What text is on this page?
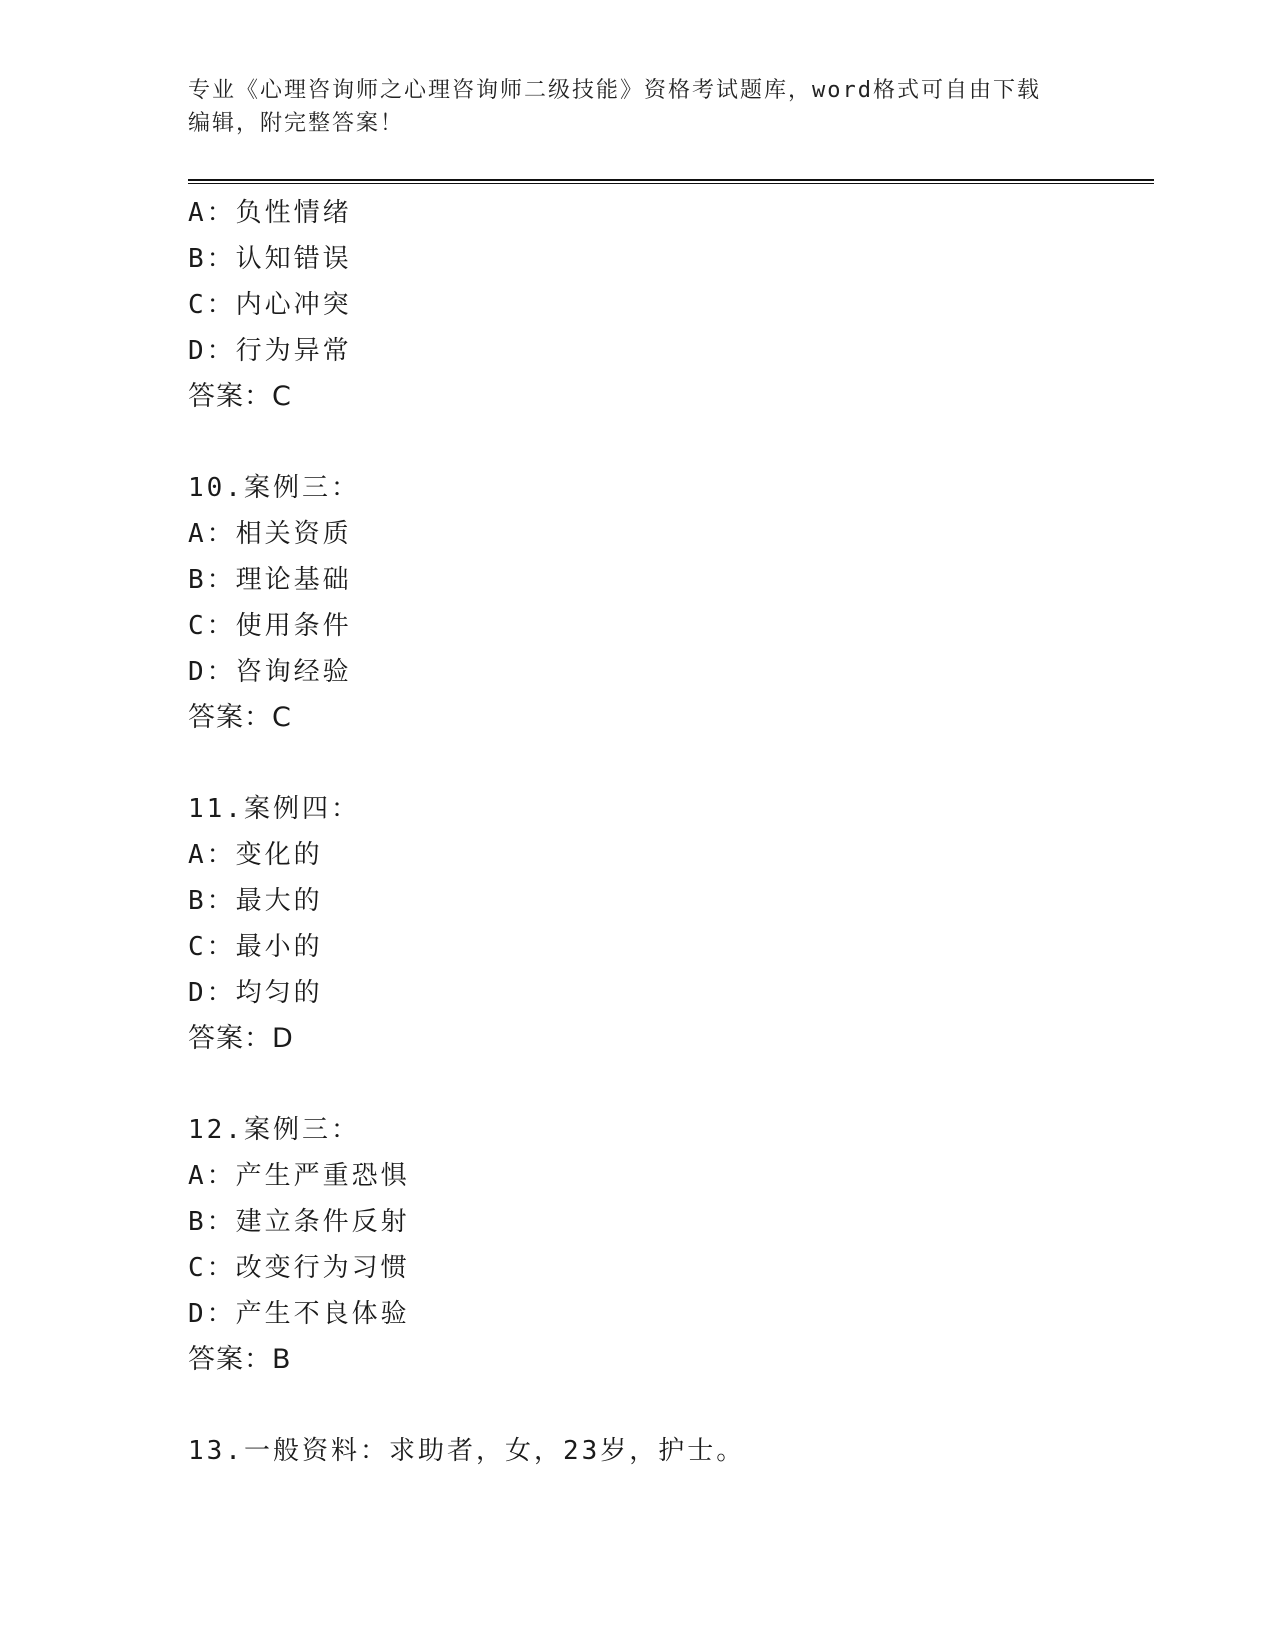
专业《心理咨询师之心理咨询师二级技能》资格考试题库，word格式可自由下载
编辑，附完整答案！
A：负性情绪
B：认知错误
C：内心冲突
D：行为异常
答案：C
10.案例三：
A：相关资质
B：理论基础
C：使用条件
D：咨询经验
答案：C
11.案例四：
A：变化的
B：最大的
C：最小的
D：均匀的
答案：D
12.案例三：
A：产生严重恐惧
B：建立条件反射
C：改变行为习惯
D：产生不良体验
答案：B
13.一般资料：求助者，女，23岁，护士。
